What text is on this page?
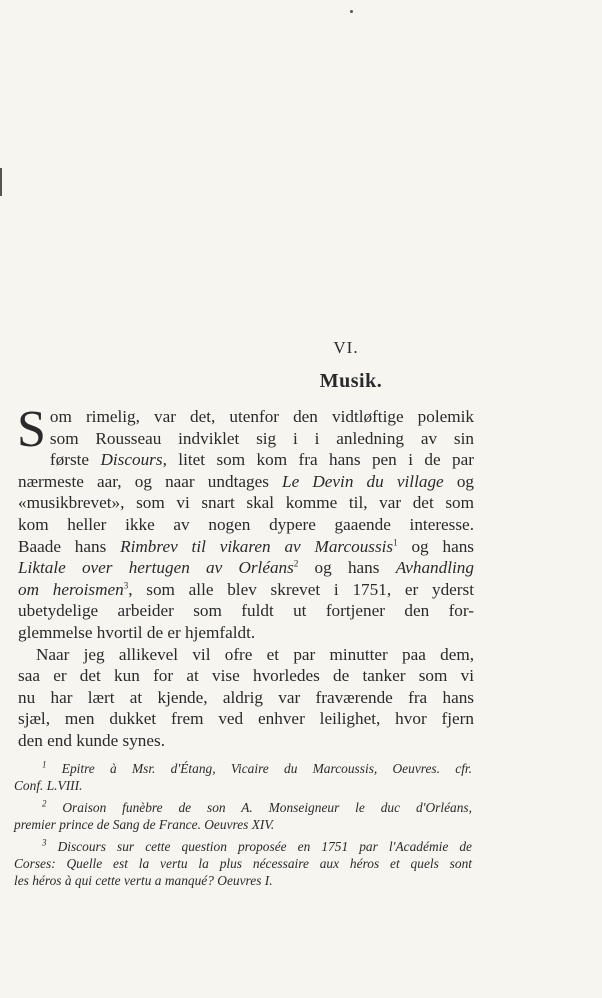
VI.
Musik.
S om rimelig, var det, utenfor den vidtløftige polemik
som Rousseau indviklet sig i i anledning av sin
første Discours, litet som kom fra hans pen i de par
nærmeste aar, og naar undtages Le Devin du village og
«musikbrevet», som vi snart skal komme til, var det som
kom heller ikke av nogen dypere gaaende interesse.
Baade hans Rimbrev til vikaren av Marcoussis$^1$ og hans
Liktale over hertugen av Orléans$^2$ og hans Avhandling
om heroismen$^3$, som alle blev skrevet i 1751, er yderst
ubetydelige arbeider som fuldt ut fortjener den for-
glemmelse hvortil de er hjemfaldt.
Naar jeg allikevel vil ofre et par minutter paa dem,
saa er det kun for at vise hvorledes de tanker som vi
nu har lært at kjende, aldrig var fraværende fra hans
sjæl, men dukket frem ved enhver leilighet, hvor fjern
den end kunde synes.
$^1$ Epitre à Msr. d'Étang, Vicaire du Marcoussis, Oeuvres. cfr.
Conf. L.VIII.
$^2$ Oraison funèbre de son A. Monseigneur le duc d'Orléans,
premier prince de Sang de France. Oeuvres XIV.
$^3$ Discours sur cette question proposée en 1751 par l'Académie de
Corses: Quelle est la vertu la plus nécessaire aux héros et quels sont
les héros à qui cette vertu a manqué? Oeuvres I.
